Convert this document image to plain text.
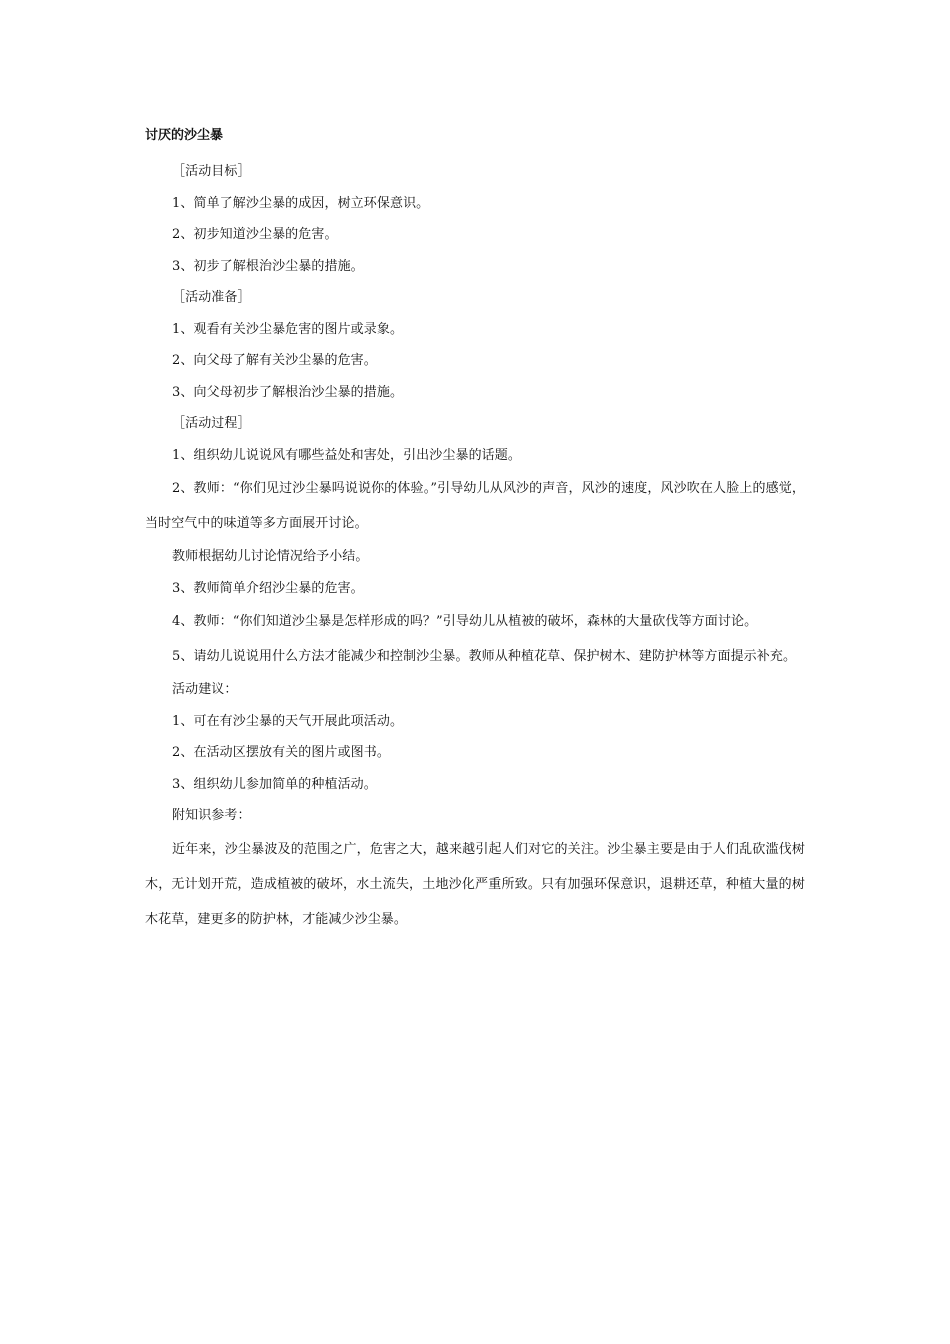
讨厌的沙尘暴

［活动目标］

1、简单了解沙尘暴的成因，树立环保意识。

2、初步知道沙尘暴的危害。

3、初步了解根治沙尘暴的措施。

［活动准备］

1、观看有关沙尘暴危害的图片或录象。

2、向父母了解有关沙尘暴的危害。

3、向父母初步了解根治沙尘暴的措施。

［活动过程］

1、组织幼儿说说风有哪些益处和害处，引出沙尘暴的话题。

2、教师：“你们见过沙尘暴吗说说你的体验。”引导幼儿从风沙的声音，风沙的速度，风沙吹在人脸上的感觉，当时空气中的味道等多方面展开讨论。

教师根据幼儿讨论情况给予小结。

3、教师简单介绍沙尘暴的危害。

4、教师：“你们知道沙尘暴是怎样形成的吗？”引导幼儿从植被的破坏，森林的大量砍伐等方面讨论。

5、请幼儿说说用什么方法才能减少和控制沙尘暴。教师从种植花草、保护树木、建防护林等方面提示补充。

活动建议：

1、可在有沙尘暴的天气开展此项活动。

2、在活动区摆放有关的图片或图书。

3、组织幼儿参加简单的种植活动。

附知识参考：

近年来，沙尘暴波及的范围之广，危害之大，越来越引起人们对它的关注。沙尘暴主要是由于人们乱砍滥伐树木，无计划开荒，造成植被的破坏，水土流失，土地沙化严重所致。只有加强环保意识，退耕还草，种植大量的树木花草，建更多的防护林，才能减少沙尘暴。
